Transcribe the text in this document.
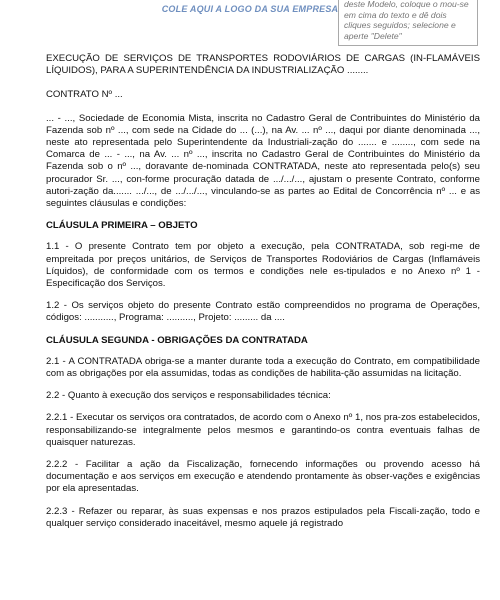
COLE AQUI A LOGO DA SUA EMPRESA deste Modelo, coloque o mou-se em cima do texto e dê dois cliques seguidos; selecione e aperte "Delete"

EXECUÇÃO DE SERVIÇOS DE TRANSPORTES RODOVIÁRIOS DE CARGAS (IN-FLAMÁVEIS LÍQUIDOS), PARA A SUPERINTENDÊNCIA DA INDUSTRIALIZAÇÃO ........

CONTRATO Nº ...

... - ..., Sociedade de Economia Mista, inscrita no Cadastro Geral de Contribuintes do Ministério da Fazenda sob nº ..., com sede na Cidade do ... (...), na Av. ... nº ..., daqui por diante denominada ..., neste ato representada pelo Superintendente da Industriali-zação do ....... e ........, com sede na Comarca de ... - ..., na Av. ... nº ..., inscrita no Cadastro Geral de Contribuintes do Ministério da Fazenda sob o nº ..., doravante de-nominada CONTRATADA, neste ato representada pelo(s) seu procurador Sr. ..., con-forme procuração datada de .../.../..., ajustam o presente Contrato, conforme autori-zação da....... .../..., de .../.../..., vinculando-se as partes ao Edital de Concorrência nº ... e as seguintes cláusulas e condições:

CLÁUSULA PRIMEIRA – OBJETO

1.1 - O presente Contrato tem por objeto a execução, pela CONTRATADA, sob regi-me de empreitada por preços unitários, de Serviços de Transportes Rodoviários de Cargas (Inflamáveis Líquidos), de conformidade com os termos e condições nele es-tipulados e no Anexo nº 1 - Especificação dos Serviços.

1.2 - Os serviços objeto do presente Contrato estão compreendidos no programa de Operações, códigos: ..........., Programa: .........., Projeto: ......... da ....

CLÁUSULA SEGUNDA - OBRIGAÇÕES DA CONTRATADA

2.1 - A CONTRATADA obriga-se a manter durante toda a execução do Contrato, em compatibilidade com as obrigações por ela assumidas, todas as condições de habilita-ção assumidas na licitação.

2.2 - Quanto à execução dos serviços e responsabilidades técnica:

2.2.1 - Executar os serviços ora contratados, de acordo com o Anexo nº 1, nos pra-zos estabelecidos, responsabilizando-se integralmente pelos mesmos e garantindo-os contra eventuais falhas de quaisquer naturezas.

2.2.2 - Facilitar a ação da Fiscalização, fornecendo informações ou provendo acesso há documentação e aos serviços em execução e atendendo prontamente às obser-vações e exigências por ela apresentadas.

2.2.3 - Refazer ou reparar, às suas expensas e nos prazos estipulados pela Fiscali-zação, todo e qualquer serviço considerado inaceitável, mesmo aquele já registrado
